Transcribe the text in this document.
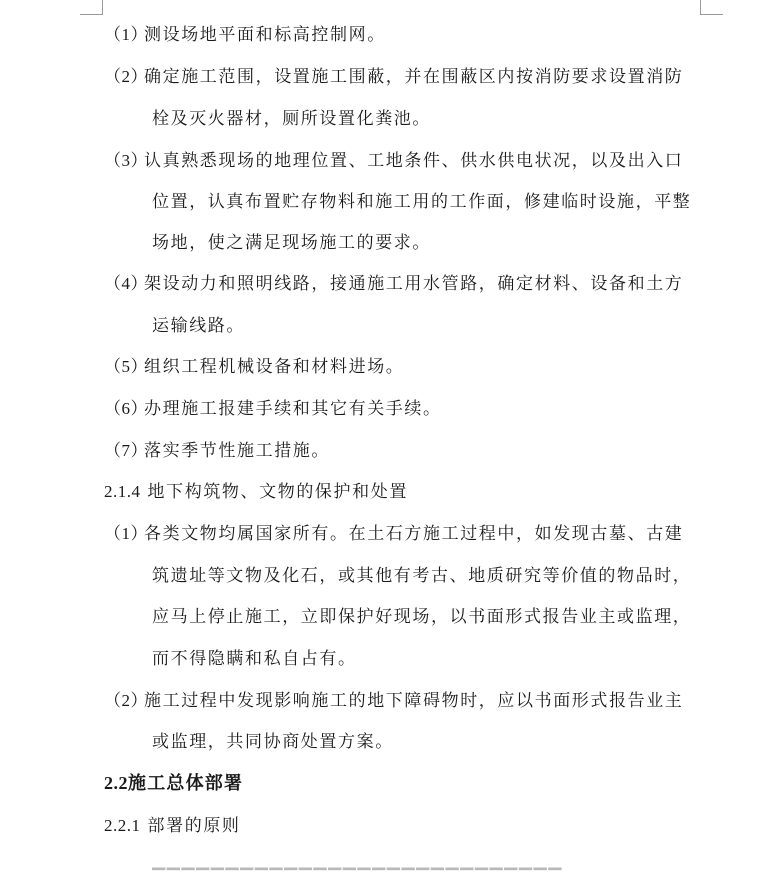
（1）测设场地平面和标高控制网。
（2）确定施工范围，设置施工围蔽，并在围蔽区内按消防要求设置消防
栓及灭火器材，厕所设置化粪池。
（3）认真熟悉现场的地理位置、工地条件、供水供电状况，以及出入口
位置，认真布置贮存物料和施工用的工作面，修建临时设施，平整
场地，使之满足现场施工的要求。
（4）架设动力和照明线路，接通施工用水管路，确定材料、设备和土方
运输线路。
（5）组织工程机械设备和材料进场。
（6）办理施工报建手续和其它有关手续。
（7）落实季节性施工措施。
2.1.4 地下构筑物、文物的保护和处置
（1）各类文物均属国家所有。在土石方施工过程中，如发现古墓、古建
筑遗址等文物及化石，或其他有考古、地质研究等价值的物品时，
应马上停止施工，立即保护好现场，以书面形式报告业主或监理，
而不得隐瞒和私自占有。
（2）施工过程中发现影响施工的地下障碍物时，应以书面形式报告业主
或监理，共同协商处置方案。
2.2施工总体部署
2.2.1 部署的原则
▁▁▁▁▁▁▁▁▁▁▁▁▁▁▁▁▁▁▁▁▁▁▁▁▁▁▁▁
